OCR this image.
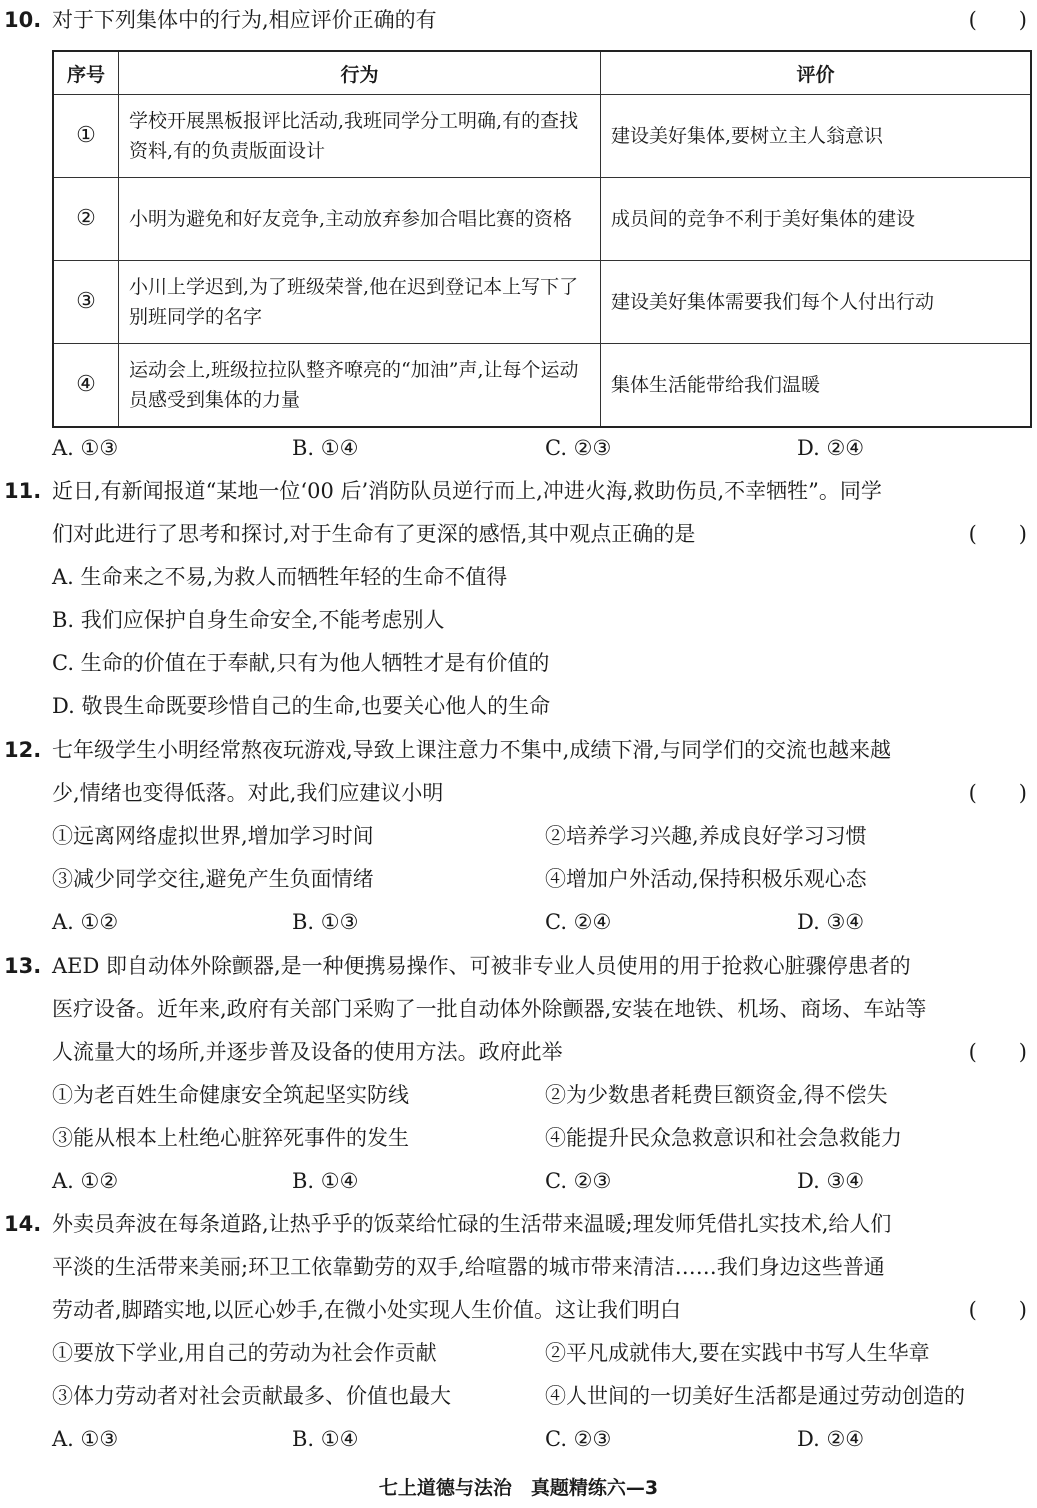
10. 对于下列集体中的行为,相应评价正确的有	(　　)
序号	行为	评价
①	学校开展黑板报评比活动,我班同学分工明确,有的查找资料,有的负责版面设计	建设美好集体,要树立主人翁意识
②	小明为避免和好友竞争,主动放弃参加合唱比赛的资格	成员间的竞争不利于美好集体的建设
③	小川上学迟到,为了班级荣誉,他在迟到登记本上写下了别班同学的名字	建设美好集体需要我们每个人付出行动
④	运动会上,班级拉拉队整齐嘹亮的“加油”声,让每个运动员感受到集体的力量	集体生活能带给我们温暖
A. ①③	B. ①④	C. ②③	D. ②④
11. 近日,有新闻报道“某地一位‘00 后’消防队员逆行而上,冲进火海,救助伤员,不幸牺牲”。同学
们对此进行了思考和探讨,对于生命有了更深的感悟,其中观点正确的是	(　　)
A. 生命来之不易,为救人而牺牲年轻的生命不值得
B. 我们应保护自身生命安全,不能考虑别人
C. 生命的价值在于奉献,只有为他人牺牲才是有价值的
D. 敬畏生命既要珍惜自己的生命,也要关心他人的生命
12. 七年级学生小明经常熬夜玩游戏,导致上课注意力不集中,成绩下滑,与同学们的交流也越来越
少,情绪也变得低落。对此,我们应建议小明	(　　)
①远离网络虚拟世界,增加学习时间	②培养学习兴趣,养成良好学习习惯
③减少同学交往,避免产生负面情绪	④增加户外活动,保持积极乐观心态
A. ①②	B. ①③	C. ②④	D. ③④
13. AED 即自动体外除颤器,是一种便携易操作、可被非专业人员使用的用于抢救心脏骤停患者的
医疗设备。近年来,政府有关部门采购了一批自动体外除颤器,安装在地铁、机场、商场、车站等
人流量大的场所,并逐步普及设备的使用方法。政府此举	(　　)
①为老百姓生命健康安全筑起坚实防线	②为少数患者耗费巨额资金,得不偿失
③能从根本上杜绝心脏猝死事件的发生	④能提升民众急救意识和社会急救能力
A. ①②	B. ①④	C. ②③	D. ③④
14. 外卖员奔波在每条道路,让热乎乎的饭菜给忙碌的生活带来温暖;理发师凭借扎实技术,给人们
平淡的生活带来美丽;环卫工依靠勤劳的双手,给喧嚣的城市带来清洁……我们身边这些普通
劳动者,脚踏实地,以匠心妙手,在微小处实现人生价值。这让我们明白	(　　)
①要放下学业,用自己的劳动为社会作贡献	②平凡成就伟大,要在实践中书写人生华章
③体力劳动者对社会贡献最多、价值也最大	④人世间的一切美好生活都是通过劳动创造的
A. ①③	B. ①④	C. ②③	D. ②④
七上道德与法治　真题精练六—3
